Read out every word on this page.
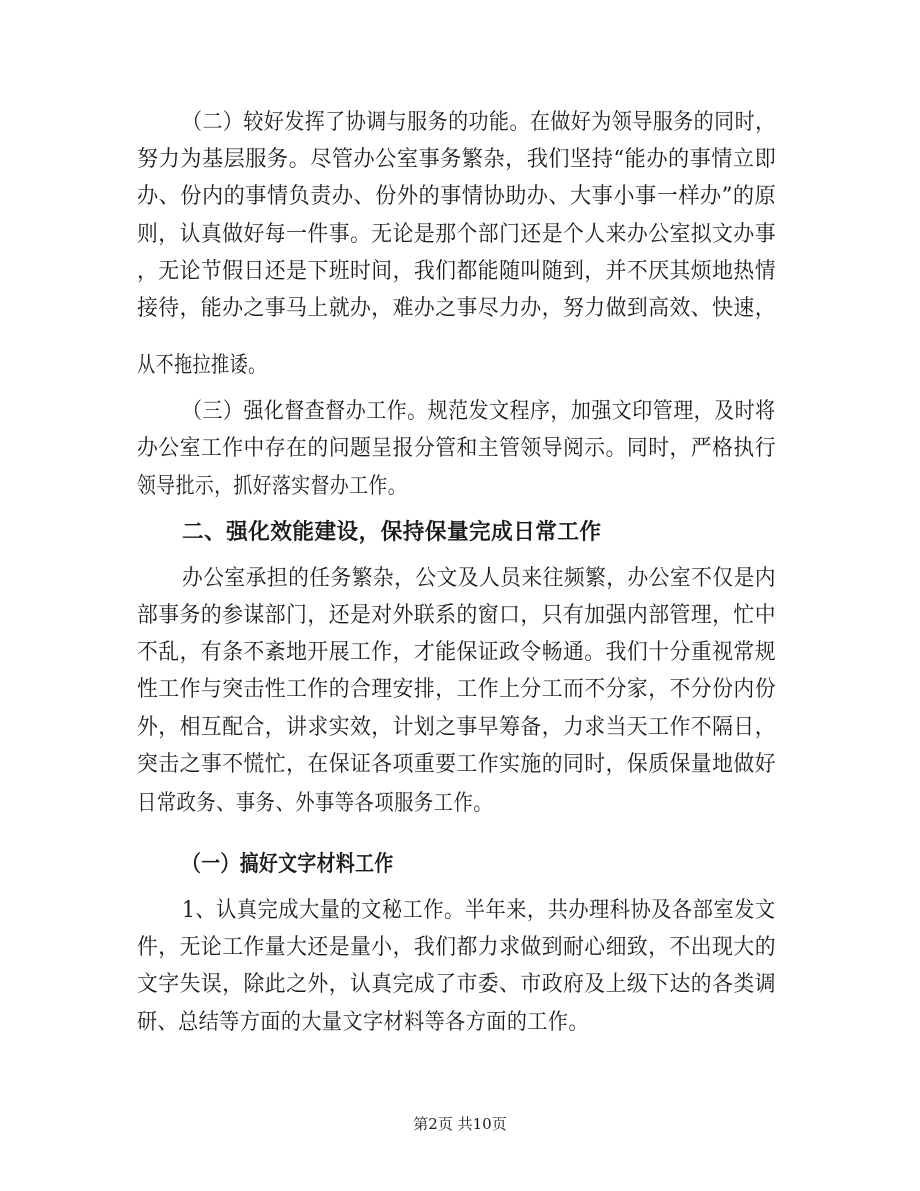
（二）较好发挥了协调与服务的功能。在做好为领导服务的同时，
努力为基层服务。尽管办公室事务繁杂，我们坚持“能办的事情立即
办、份内的事情负责办、份外的事情协助办、大事小事一样办”的原
则，认真做好每一件事。无论是那个部门还是个人来办公室拟文办事
，无论节假日还是下班时间，我们都能随叫随到，并不厌其烦地热情
接待，能办之事马上就办，难办之事尽力办，努力做到高效、快速，
从不拖拉推诿。
（三）强化督查督办工作。规范发文程序，加强文印管理，及时将
办公室工作中存在的问题呈报分管和主管领导阅示。同时，严格执行
领导批示，抓好落实督办工作。
二、强化效能建设，保持保量完成日常工作
办公室承担的任务繁杂，公文及人员来往频繁，办公室不仅是内
部事务的参谋部门，还是对外联系的窗口，只有加强内部管理，忙中
不乱，有条不紊地开展工作，才能保证政令畅通。我们十分重视常规
性工作与突击性工作的合理安排，工作上分工而不分家，不分份内份
外，相互配合，讲求实效，计划之事早筹备，力求当天工作不隔日，
突击之事不慌忙，在保证各项重要工作实施的同时，保质保量地做好
日常政务、事务、外事等各项服务工作。
（一）搞好文字材料工作
1、认真完成大量的文秘工作。半年来，共办理科协及各部室发文
件，无论工作量大还是量小，我们都力求做到耐心细致，不出现大的
文字失误，除此之外，认真完成了市委、市政府及上级下达的各类调
研、总结等方面的大量文字材料等各方面的工作。
第2页 共10页
